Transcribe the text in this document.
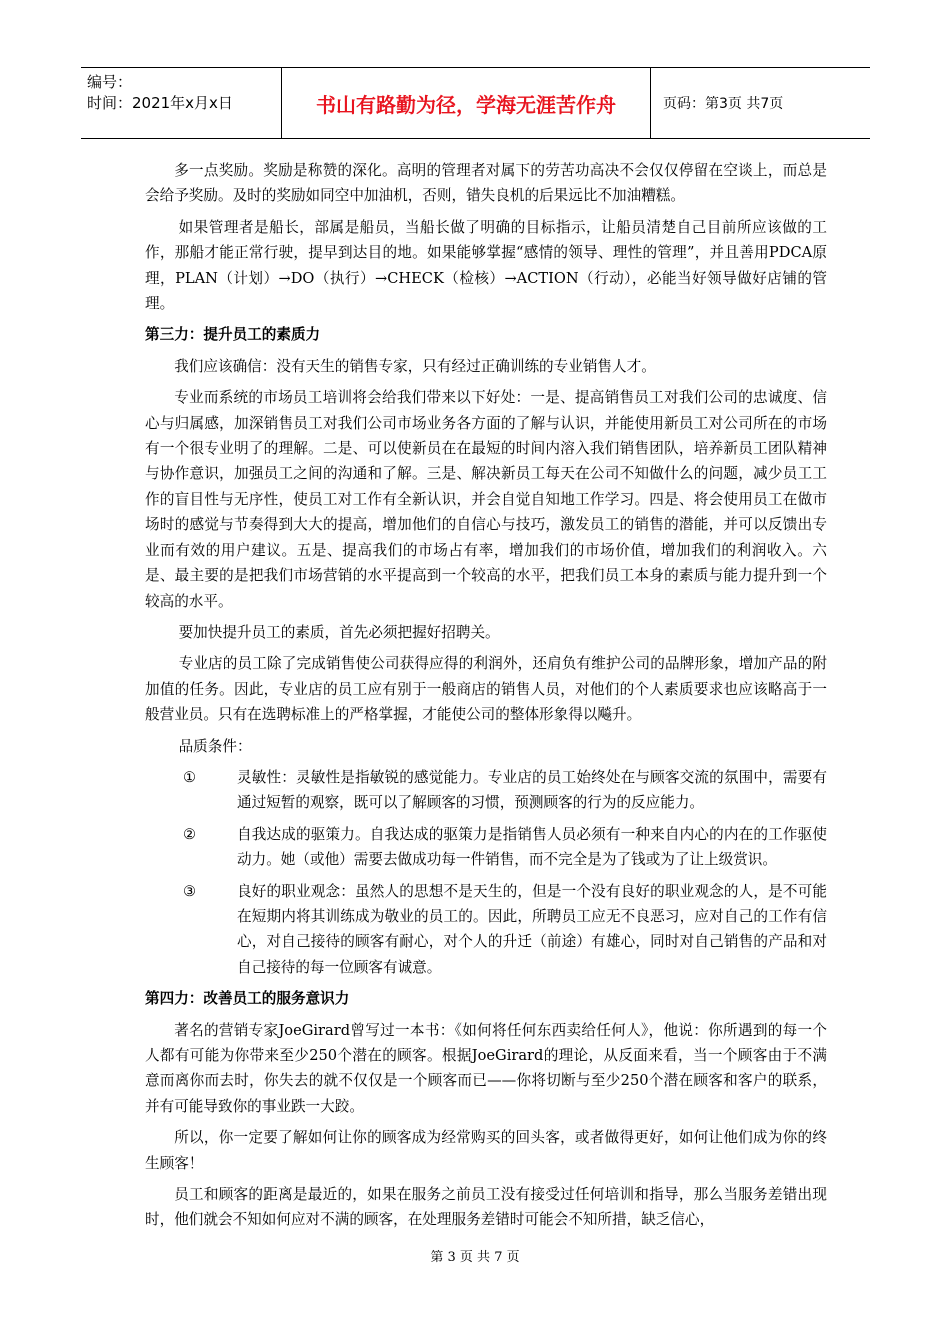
编号：
时间：2021年x月x日	书山有路勤为径，学海无涯苦作舟	页码：第3页 共7页

多一点奖励。奖励是称赞的深化。高明的管理者对属下的劳苦功高决不会仅仅停留在空谈上，而总是会给予奖励。及时的奖励如同空中加油机，否则，错失良机的后果远比不加油糟糕。

如果管理者是船长，部属是船员，当船长做了明确的目标指示，让船员清楚自己目前所应该做的工作，那船才能正常行驶，提早到达目的地。如果能够掌握“感情的领导、理性的管理”，并且善用PDCA原理，PLAN（计划）→DO（执行）→CHECK（检核）→ACTION（行动），必能当好领导做好店铺的管理。

第三力：提升员工的素质力

我们应该确信：没有天生的销售专家，只有经过正确训练的专业销售人才。

专业而系统的市场员工培训将会给我们带来以下好处：一是、提高销售员工对我们公司的忠诚度、信心与归属感，加深销售员工对我们公司市场业务各方面的了解与认识，并能使用新员工对公司所在的市场有一个很专业明了的理解。二是、可以使新员在在最短的时间内溶入我们销售团队，培养新员工团队精神与协作意识，加强员工之间的沟通和了解。三是、解决新员工每天在公司不知做什么的问题，减少员工工作的盲目性与无序性，使员工对工作有全新认识，并会自觉自知地工作学习。四是、将会使用员工在做市场时的感觉与节奏得到大大的提高，增加他们的自信心与技巧，激发员工的销售的潜能，并可以反馈出专业而有效的用户建议。五是、提高我们的市场占有率，增加我们的市场价值，增加我们的利润收入。六是、最主要的是把我们市场营销的水平提高到一个较高的水平，把我们员工本身的素质与能力提升到一个较高的水平。

要加快提升员工的素质，首先必须把握好招聘关。

专业店的员工除了完成销售使公司获得应得的利润外，还肩负有维护公司的品牌形象，增加产品的附加值的任务。因此，专业店的员工应有别于一般商店的销售人员，对他们的个人素质要求也应该略高于一般营业员。只有在选聘标准上的严格掌握，才能使公司的整体形象得以飚升。

品质条件：

①	灵敏性：灵敏性是指敏锐的感觉能力。专业店的员工始终处在与顾客交流的氛围中，需要有通过短暂的观察，既可以了解顾客的习惯，预测顾客的行为的反应能力。
②	自我达成的驱策力。自我达成的驱策力是指销售人员必须有一种来自内心的内在的工作驱使动力。她（或他）需要去做成功每一件销售，而不完全是为了钱或为了让上级赏识。
③	良好的职业观念：虽然人的思想不是天生的，但是一个没有良好的职业观念的人，是不可能在短期内将其训练成为敬业的员工的。因此，所聘员工应无不良恶习，应对自己的工作有信心，对自己接待的顾客有耐心，对个人的升迁（前途）有雄心，同时对自己销售的产品和对自己接待的每一位顾客有诚意。

第四力：改善员工的服务意识力

著名的营销专家JoeGirard曾写过一本书：《如何将任何东西卖给任何人》，他说：你所遇到的每一个人都有可能为你带来至少250个潜在的顾客。根据JoeGirard的理论，从反面来看，当一个顾客由于不满意而离你而去时，你失去的就不仅仅是一个顾客而已——你将切断与至少250个潜在顾客和客户的联系，并有可能导致你的事业跌一大跤。

所以，你一定要了解如何让你的顾客成为经常购买的回头客，或者做得更好，如何让他们成为你的终生顾客！

员工和顾客的距离是最近的，如果在服务之前员工没有接受过任何培训和指导，那么当服务差错出现时，他们就会不知如何应对不满的顾客，在处理服务差错时可能会不知所措，缺乏信心，

第 3 页 共 7 页
